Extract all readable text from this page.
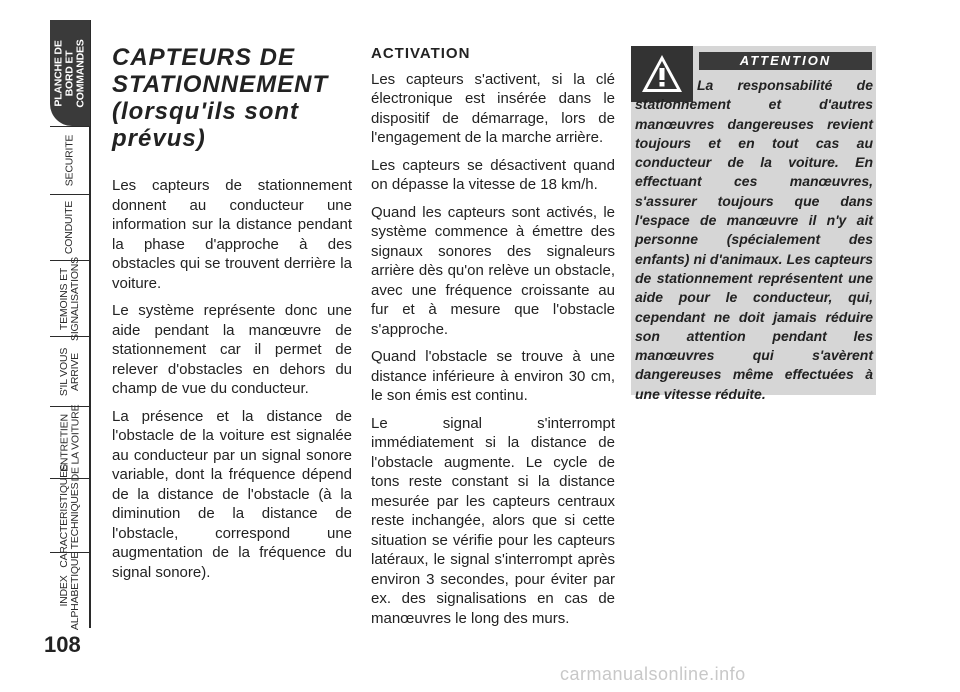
PLANCHE DE
BORD ET
COMMANDES
SECURITE
CONDUITE
TEMOINS ET
SIGNALISATIONS
S'IL VOUS
ARRIVE
ENTRETIEN
DE LA VOITURE
CARACTERISTIQUES
TECHNIQUES
INDEX
ALPHABETIQUE
108
CAPTEURS DE
STATIONNEMENT
(lorsqu'ils sont
prévus)

Les capteurs de stationnement donnent au conducteur une information sur la distance pendant la phase d'approche à des obstacles qui se trouvent derrière la voiture.

Le système représente donc une aide pendant la manœuvre de stationnement car il permet de relever d'obstacles en dehors du champ de vue du conducteur.

La présence et la distance de l'obstacle de la voiture est signalée au conducteur par un signal sonore variable, dont la fréquence dépend de la distance de l'obstacle (à la diminution de la distance de l'obstacle, correspond une augmentation de la fréquence du signal sonore).

ACTIVATION

Les capteurs s'activent, si la clé électronique est insérée dans le dispositif de démarrage, lors de l'engagement de la marche arrière.

Les capteurs se désactivent quand on dépasse la vitesse de 18 km/h.

Quand les capteurs sont activés, le système commence à émettre des signaux sonores des signaleurs arrière dès qu'on relève un obstacle, avec une fréquence croissante au fur et à mesure que l'obstacle s'approche.

Quand l'obstacle se trouve à une distance inférieure à environ 30 cm, le son émis est continu.

Le signal s'interrompt immédiatement si la distance de l'obstacle augmente. Le cycle de tons reste constant si la distance mesurée par les capteurs centraux reste inchangée, alors que si cette situation se vérifie pour les capteurs latéraux, le signal s'interrompt après environ 3 secondes, pour éviter par ex. des signalisations en cas de manœuvres le long des murs.

ATTENTION
La responsabilité de stationnement et d'autres manœuvres dangereuses revient toujours et en tout cas au conducteur de la voiture. En effectuant ces manœuvres, s'assurer toujours que dans l'espace de manœuvre il n'y ait personne (spécialement des enfants) ni d'animaux. Les capteurs de stationnement représentent une aide pour le conducteur, qui, cependant ne doit jamais réduire son attention pendant les manœuvres qui s'avèrent dangereuses même effectuées à une vitesse réduite.
carmanualsonline.info
